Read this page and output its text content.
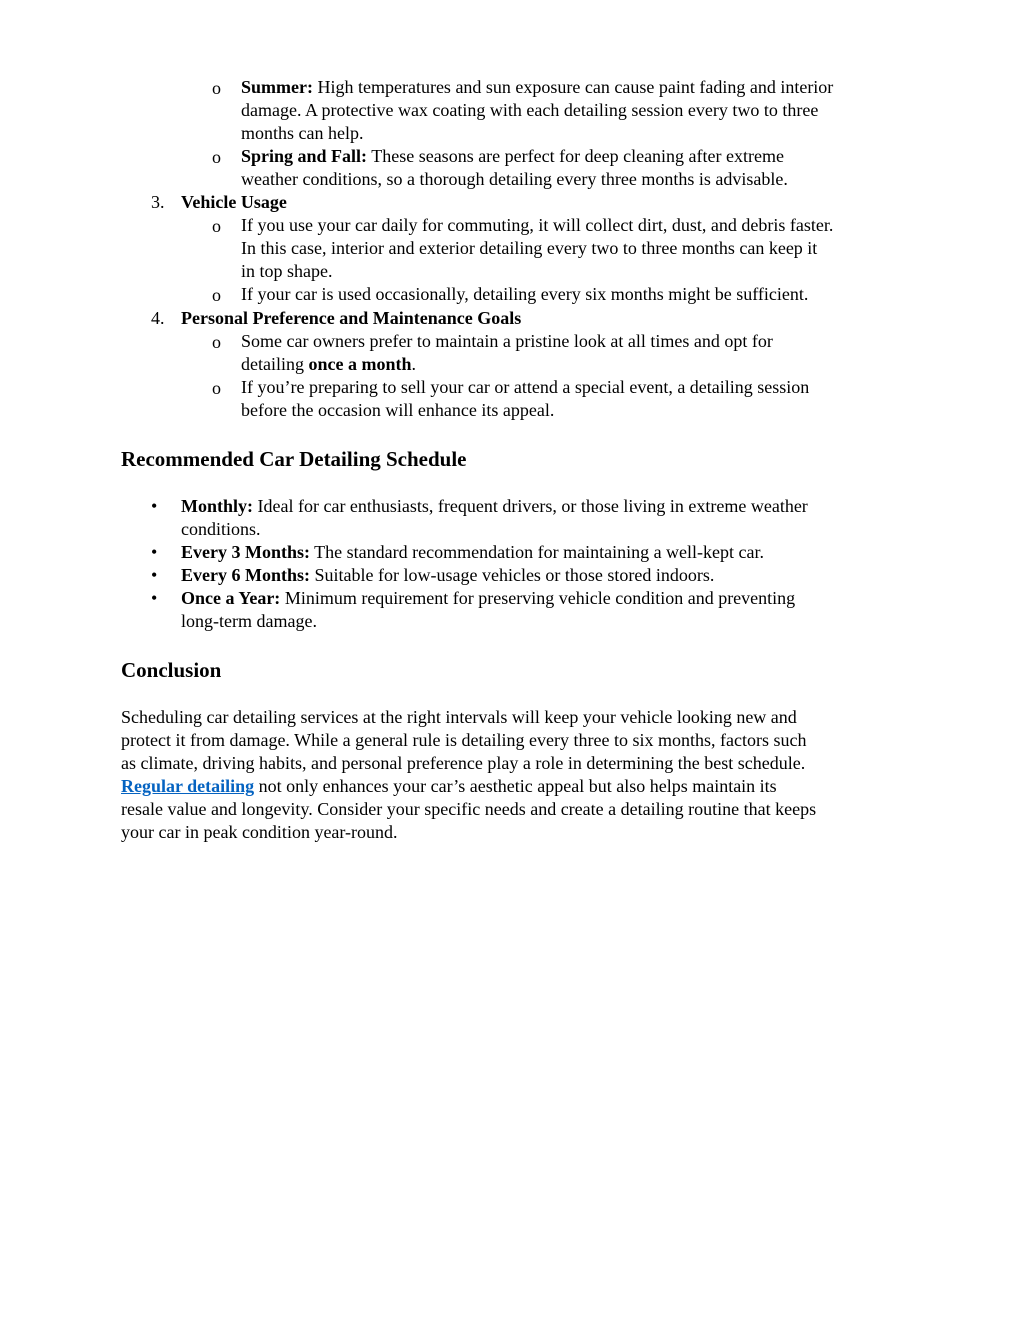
o Summer: High temperatures and sun exposure can cause paint fading and interior
damage. A protective wax coating with each detailing session every two to three
months can help.
o Spring and Fall: These seasons are perfect for deep cleaning after extreme
weather conditions, so a thorough detailing every three months is advisable.
3. Vehicle Usage
o If you use your car daily for commuting, it will collect dirt, dust, and debris faster.
In this case, interior and exterior detailing every two to three months can keep it
in top shape.
o If your car is used occasionally, detailing every six months might be sufficient.
4. Personal Preference and Maintenance Goals
o Some car owners prefer to maintain a pristine look at all times and opt for
detailing once a month.
o If you’re preparing to sell your car or attend a special event, a detailing session
before the occasion will enhance its appeal.
Recommended Car Detailing Schedule
• Monthly: Ideal for car enthusiasts, frequent drivers, or those living in extreme weather
conditions.
• Every 3 Months: The standard recommendation for maintaining a well-kept car.
• Every 6 Months: Suitable for low-usage vehicles or those stored indoors.
• Once a Year: Minimum requirement for preserving vehicle condition and preventing
long-term damage.
Conclusion
Scheduling car detailing services at the right intervals will keep your vehicle looking new and
protect it from damage. While a general rule is detailing every three to six months, factors such
as climate, driving habits, and personal preference play a role in determining the best schedule.
Regular detailing not only enhances your car’s aesthetic appeal but also helps maintain its
resale value and longevity. Consider your specific needs and create a detailing routine that keeps
your car in peak condition year-round.
